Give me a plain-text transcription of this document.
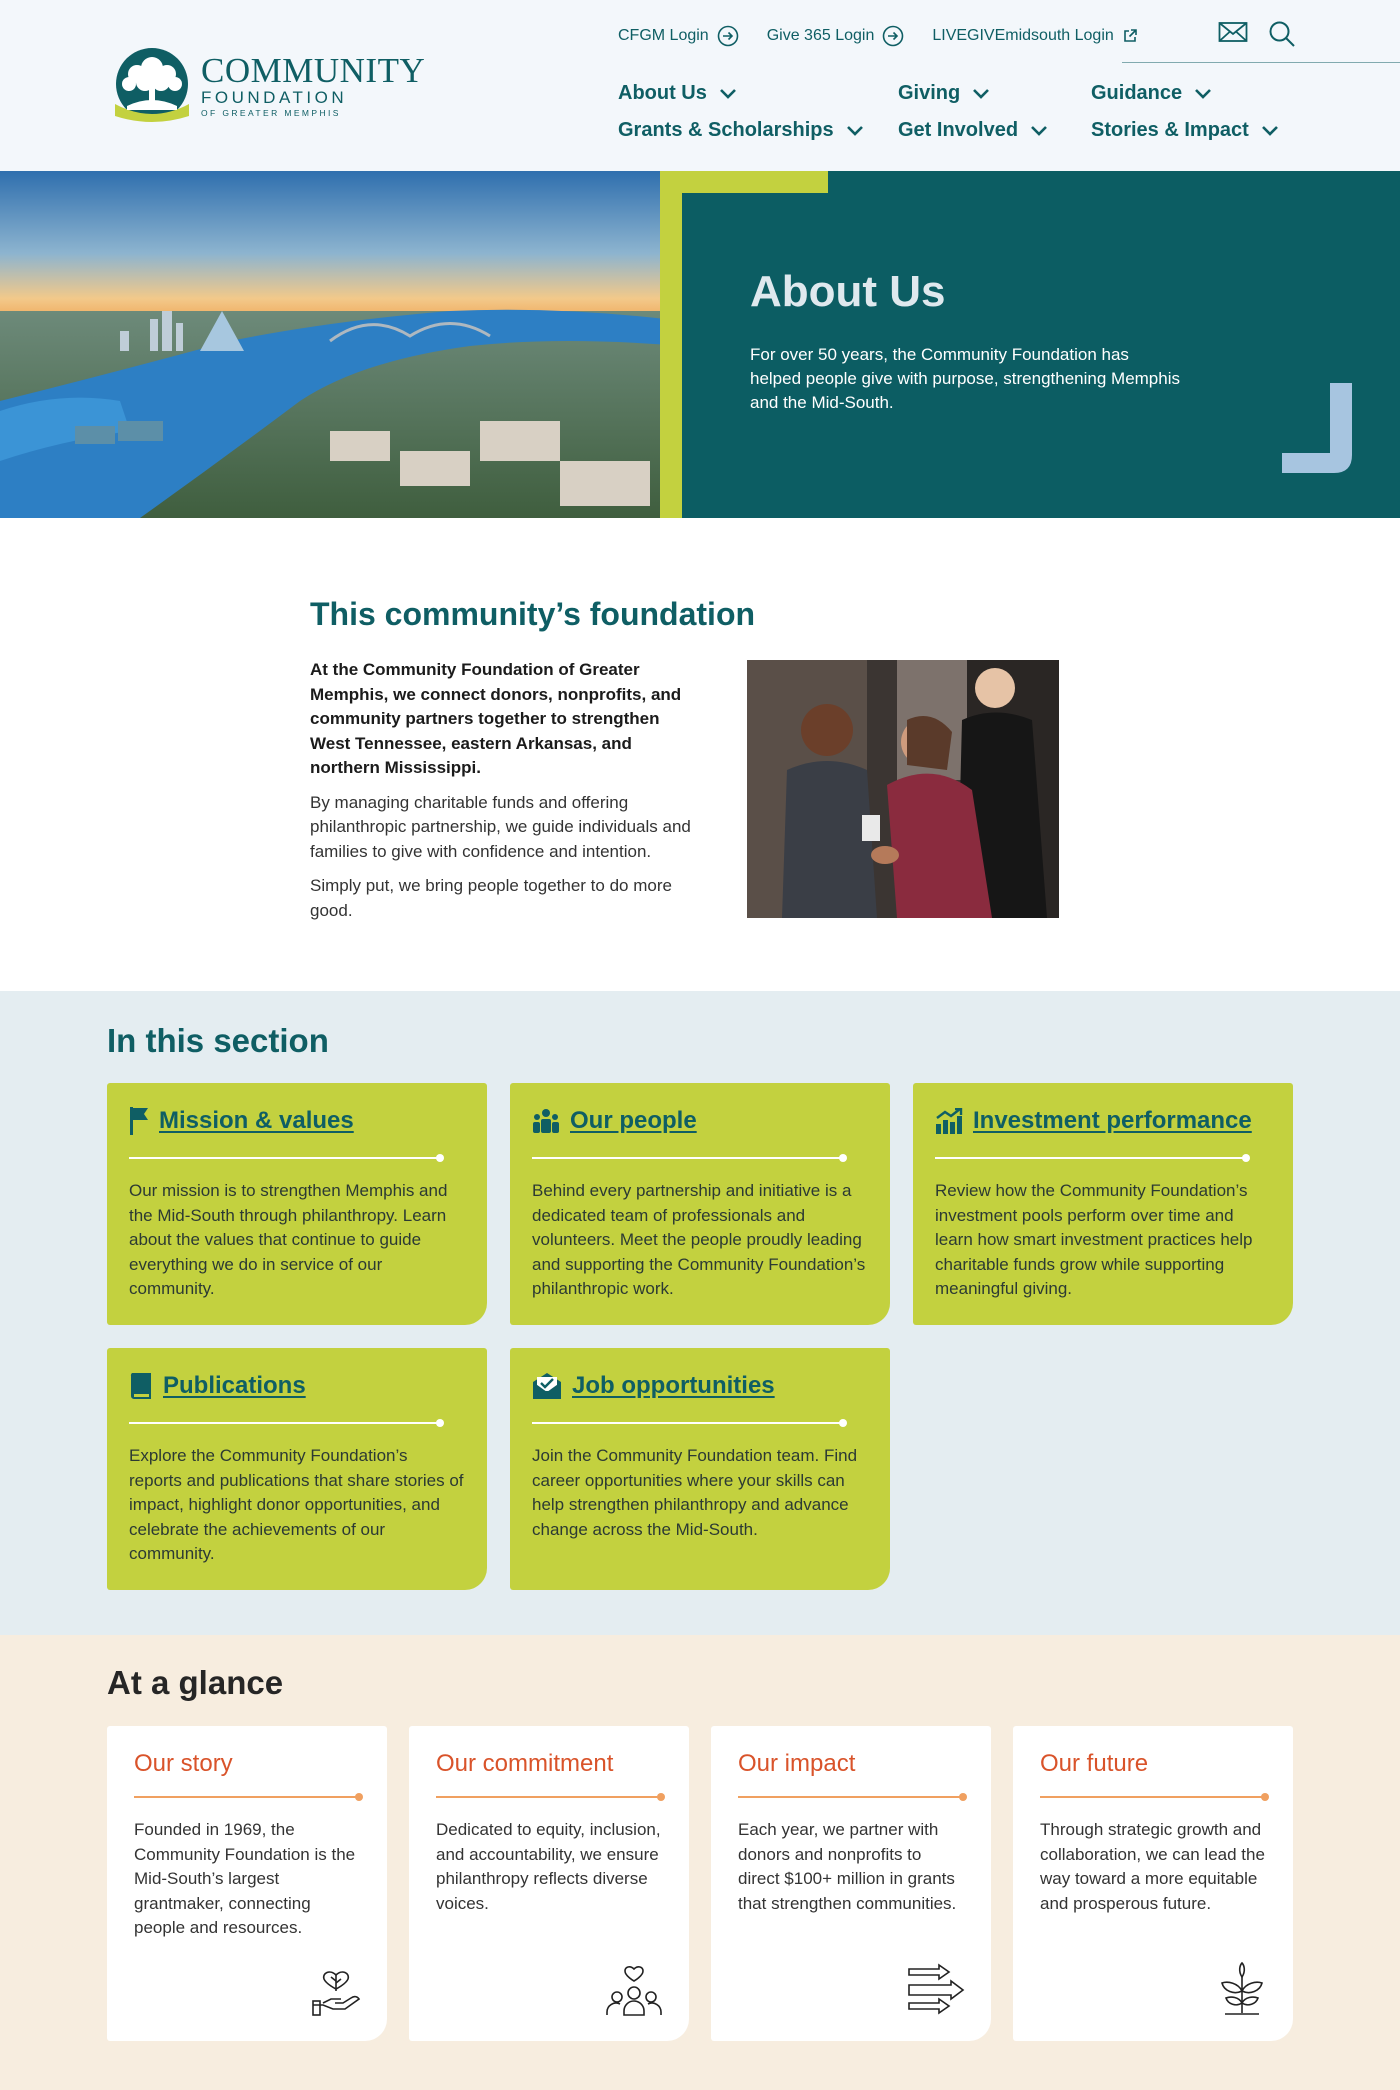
COMMUNITY
FOUNDATION
OF GREATER MEMPHIS
CFGM Login	Give 365 Login	LIVEGIVEmidsouth Login
About Us	Giving	Guidance
Grants & Scholarships	Get Involved	Stories & Impact
About Us

For over 50 years, the Community Foundation has helped people give with purpose, strengthening Memphis and the Mid-South.

This community’s foundation

At the Community Foundation of Greater Memphis, we connect donors, nonprofits, and community partners together to strengthen West Tennessee, eastern Arkansas, and northern Mississippi.

By managing charitable funds and offering philanthropic partnership, we guide individuals and families to give with confidence and intention.

Simply put, we bring people together to do more good.

In this section
Mission & values

Our mission is to strengthen Memphis and the Mid-South through philanthropy. Learn about the values that continue to guide everything we do in service of our community.

Our people

Behind every partnership and initiative is a dedicated team of professionals and volunteers. Meet the people proudly leading and supporting the Community Foundation’s philanthropic work.

Investment performance

Review how the Community Foundation’s investment pools perform over time and learn how smart investment practices help charitable funds grow while supporting meaningful giving.

Publications

Explore the Community Foundation’s reports and publications that share stories of impact, highlight donor opportunities, and celebrate the achievements of our community.

Job opportunities

Join the Community Foundation team. Find career opportunities where your skills can help strengthen philanthropy and advance change across the Mid-South.

At a glance
Our story

Founded in 1969, the Community Foundation is the Mid-South’s largest grantmaker, connecting people and resources.

Our commitment

Dedicated to equity, inclusion, and accountability, we ensure philanthropy reflects diverse voices.

Our impact

Each year, we partner with donors and nonprofits to direct $100+ million in grants that strengthen communities.

Our future

Through strategic growth and collaboration, we can lead the way toward a more equitable and prosperous future.
